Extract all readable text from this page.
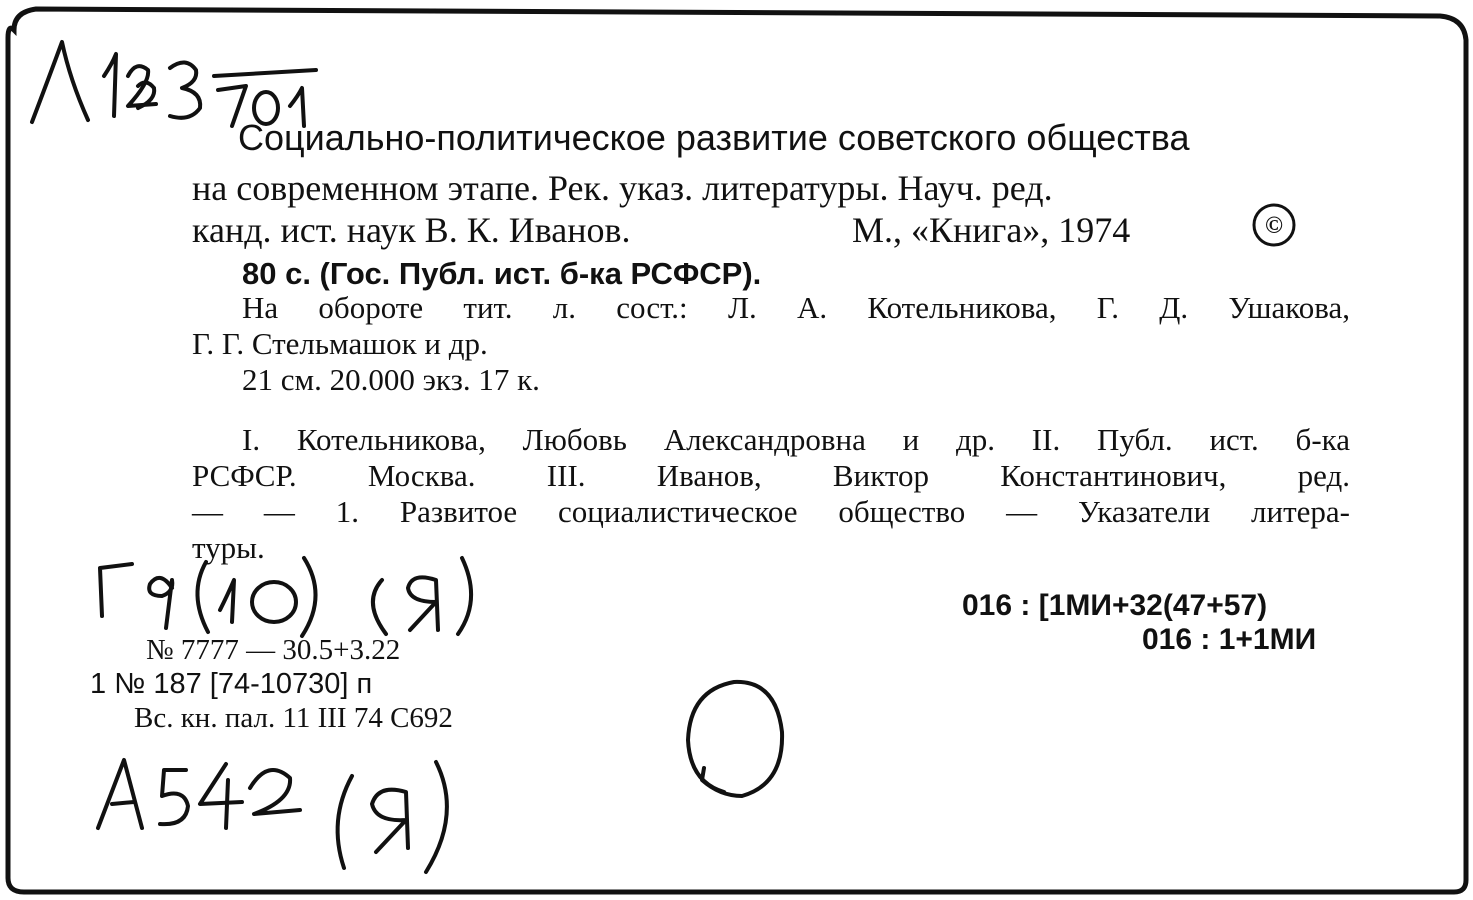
Социально-политическое развитие советского общества
на современном этапе. Рек. указ. литературы. Науч. ред.
канд. ист. наук В. К. Иванов.	М., «Книга», 1974	©
80 с. (Гос. Публ. ист. б-ка РСФСР).
На обороте тит. л. сост.: Л. А. Котельникова, Г. Д. Ушакова,
Г. Г. Стельмашок и др.
21 см. 20.000 экз. 17 к.
I. Котельникова, Любовь Александровна и др. II. Публ. ист. б-ка
РСФСР. Москва. III. Иванов, Виктор Константинович, ред.
— — 1. Развитое социалистическое общество — Указатели литера-
туры.
016 : [1МИ+32(47+57)
016 : 1+1МИ
№ 7777 — 30.5+3.22
1 № 187 [74-10730] п
Вс. кн. пал. 11 III 74 С692
